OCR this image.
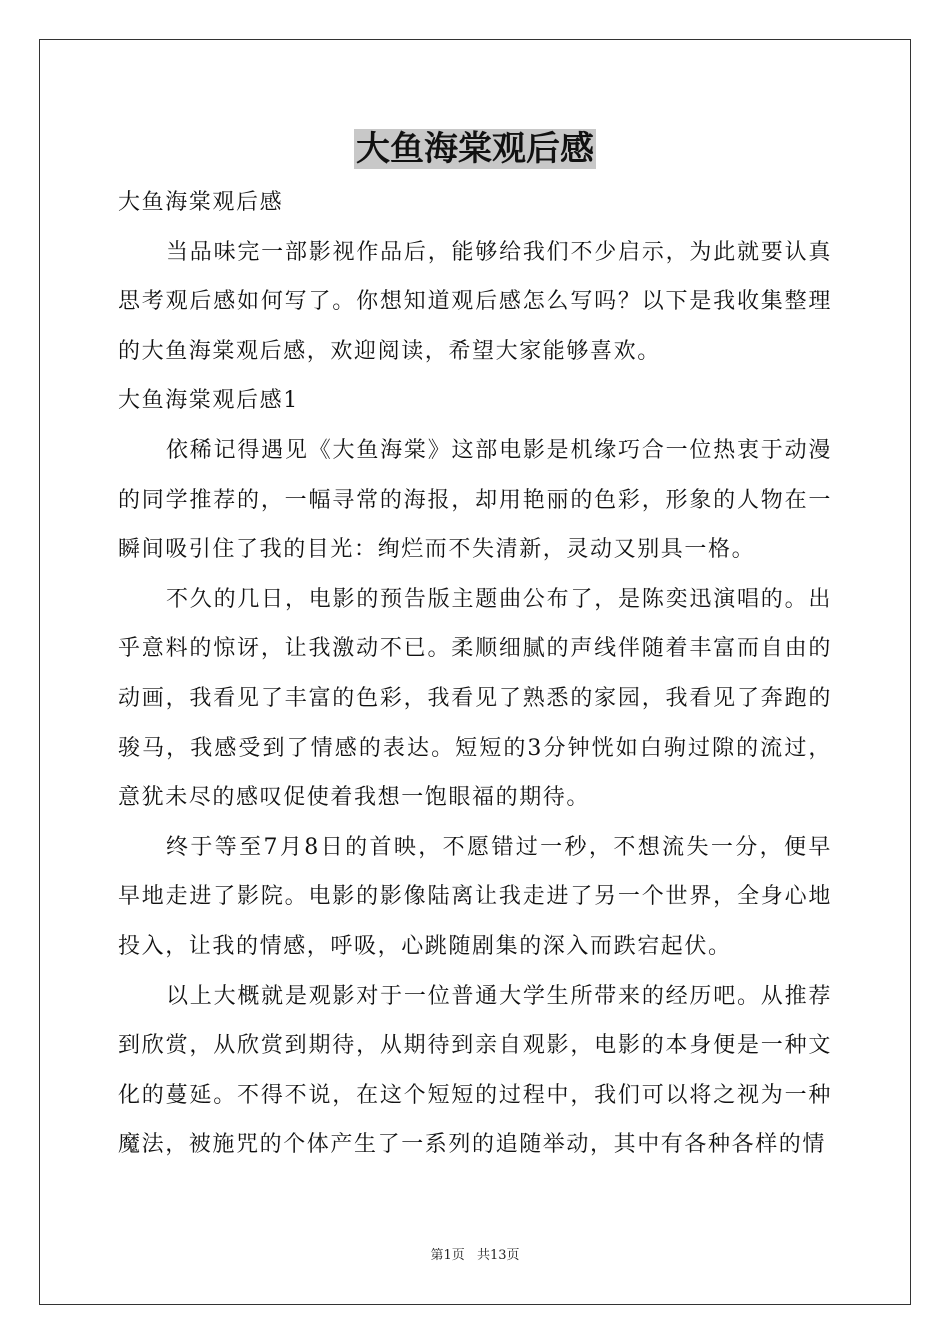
大鱼海棠观后感

大鱼海棠观后感

当品味完一部影视作品后，能够给我们不少启示，为此就要认真思考观后感如何写了。你想知道观后感怎么写吗？以下是我收集整理的大鱼海棠观后感，欢迎阅读，希望大家能够喜欢。

大鱼海棠观后感1

依稀记得遇见《大鱼海棠》这部电影是机缘巧合一位热衷于动漫的同学推荐的，一幅寻常的海报，却用艳丽的色彩，形象的人物在一瞬间吸引住了我的目光：绚烂而不失清新，灵动又别具一格。

不久的几日，电影的预告版主题曲公布了，是陈奕迅演唱的。出乎意料的惊讶，让我激动不已。柔顺细腻的声线伴随着丰富而自由的动画，我看见了丰富的色彩，我看见了熟悉的家园，我看见了奔跑的骏马，我感受到了情感的表达。短短的3分钟恍如白驹过隙的流过，意犹未尽的感叹促使着我想一饱眼福的期待。

终于等至7月8日的首映，不愿错过一秒，不想流失一分，便早早地走进了影院。电影的影像陆离让我走进了另一个世界，全身心地投入，让我的情感，呼吸，心跳随剧集的深入而跌宕起伏。

以上大概就是观影对于一位普通大学生所带来的经历吧。从推荐到欣赏，从欣赏到期待，从期待到亲自观影，电影的本身便是一种文化的蔓延。不得不说，在这个短短的过程中，我们可以将之视为一种魔法，被施咒的个体产生了一系列的追随举动，其中有各种各样的情

第1页 共13页
